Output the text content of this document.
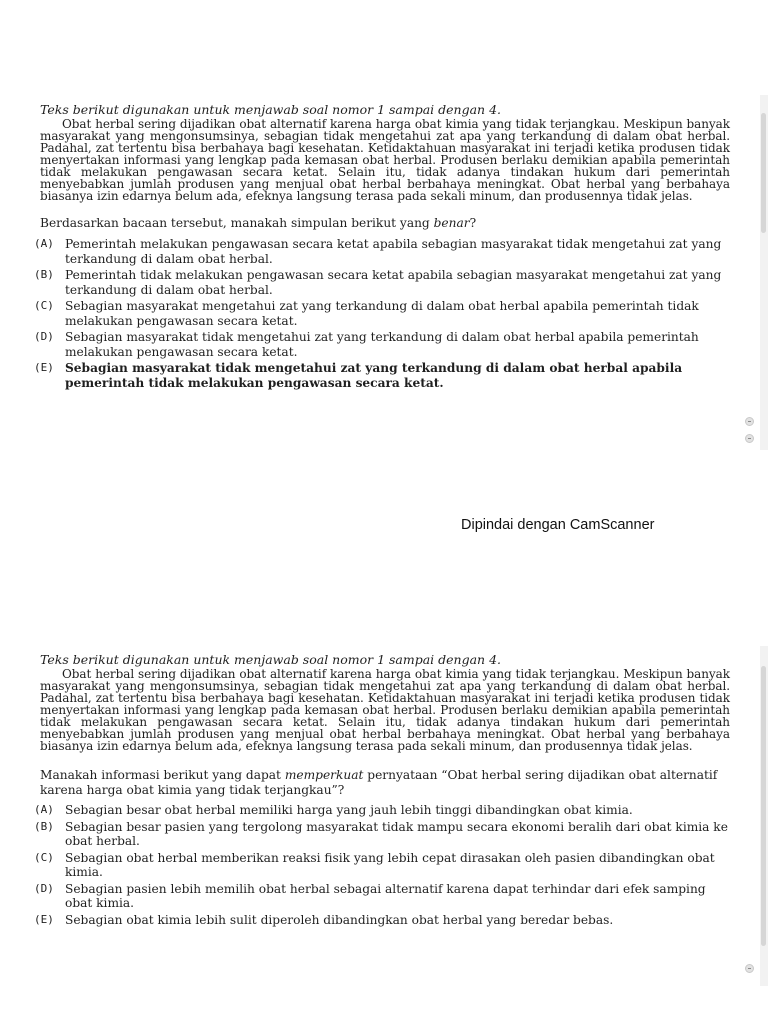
Teks berikut digunakan untuk menjawab soal nomor 1 sampai dengan 4.

Obat herbal sering dijadikan obat alternatif karena harga obat kimia yang tidak terjangkau. Meskipun banyak masyarakat yang mengonsumsinya, sebagian tidak mengetahui zat apa yang terkandung di dalam obat herbal. Padahal, zat tertentu bisa berbahaya bagi kesehatan. Ketidaktahuan masyarakat ini terjadi ketika produsen tidak menyertakan informasi yang lengkap pada kemasan obat herbal. Produsen berlaku demikian apabila pemerintah tidak melakukan pengawasan secara ketat. Selain itu, tidak adanya tindakan hukum dari pemerintah menyebabkan jumlah produsen yang menjual obat herbal berbahaya meningkat. Obat herbal yang berbahaya biasanya izin edarnya belum ada, efeknya langsung terasa pada sekali minum, dan produsennya tidak jelas.

Berdasarkan bacaan tersebut, manakah simpulan berikut yang benar?

(A) Pemerintah melakukan pengawasan secara ketat apabila sebagian masyarakat tidak mengetahui zat yang terkandung di dalam obat herbal.
(B) Pemerintah tidak melakukan pengawasan secara ketat apabila sebagian masyarakat mengetahui zat yang terkandung di dalam obat herbal.
(C) Sebagian masyarakat mengetahui zat yang terkandung di dalam obat herbal apabila pemerintah tidak melakukan pengawasan secara ketat.
(D) Sebagian masyarakat tidak mengetahui zat yang terkandung di dalam obat herbal apabila pemerintah melakukan pengawasan secara ketat.
(E) Sebagian masyarakat tidak mengetahui zat yang terkandung di dalam obat herbal apabila pemerintah tidak melakukan pengawasan secara ketat.
Dipindai dengan CamScanner

Teks berikut digunakan untuk menjawab soal nomor 1 sampai dengan 4.

Obat herbal sering dijadikan obat alternatif karena harga obat kimia yang tidak terjangkau. Meskipun banyak masyarakat yang mengonsumsinya, sebagian tidak mengetahui zat apa yang terkandung di dalam obat herbal. Padahal, zat tertentu bisa berbahaya bagi kesehatan. Ketidaktahuan masyarakat ini terjadi ketika produsen tidak menyertakan informasi yang lengkap pada kemasan obat herbal. Produsen berlaku demikian apabila pemerintah tidak melakukan pengawasan secara ketat. Selain itu, tidak adanya tindakan hukum dari pemerintah menyebabkan jumlah produsen yang menjual obat herbal berbahaya meningkat. Obat herbal yang berbahaya biasanya izin edarnya belum ada, efeknya langsung terasa pada sekali minum, dan produsennya tidak jelas.

Manakah informasi berikut yang dapat memperkuat pernyataan “Obat herbal sering dijadikan obat alternatif karena harga obat kimia yang tidak terjangkau”?

(A) Sebagian besar obat herbal memiliki harga yang jauh lebih tinggi dibandingkan obat kimia.
(B) Sebagian besar pasien yang tergolong masyarakat tidak mampu secara ekonomi beralih dari obat kimia ke obat herbal.
(C) Sebagian obat herbal memberikan reaksi fisik yang lebih cepat dirasakan oleh pasien dibandingkan obat kimia.
(D) Sebagian pasien lebih memilih obat herbal sebagai alternatif karena dapat terhindar dari efek samping obat kimia.
(E) Sebagian obat kimia lebih sulit diperoleh dibandingkan obat herbal yang beredar bebas.
